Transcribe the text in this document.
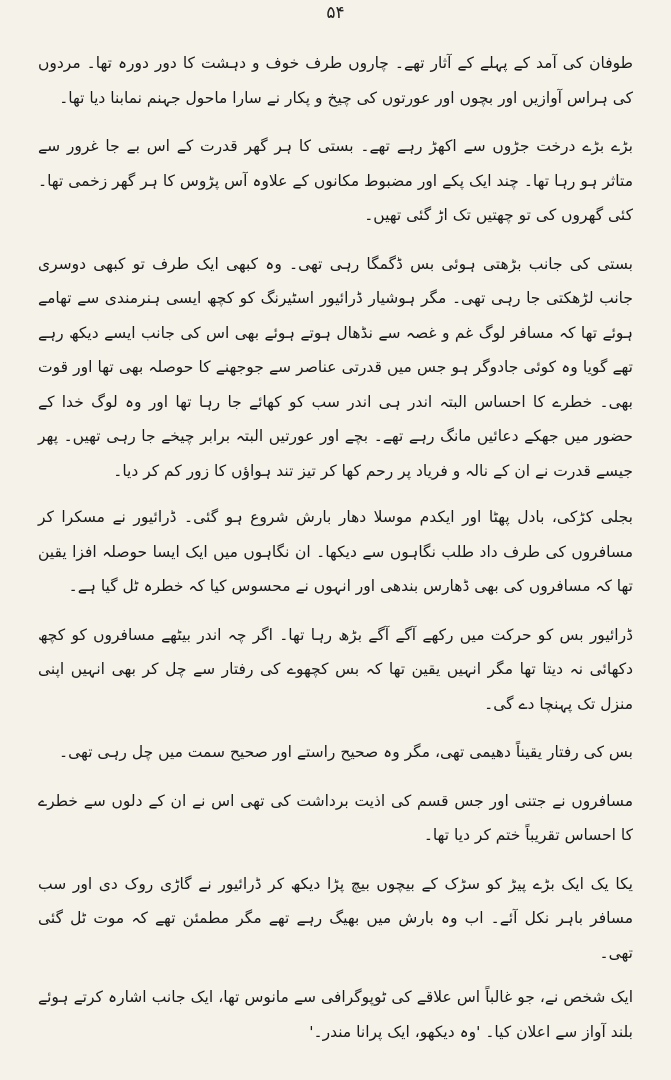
۵۴

طوفان کی آمد کے پہلے کے آثار تھے۔ چاروں طرف خوف و دہشت کا دور دورہ تھا۔ مردوں کی ہراس آوازیں اور بچوں اور عورتوں کی چیخ و پکار نے سارا ماحول جہنم نمابنا دیا تھا۔

بڑے بڑے درخت جڑوں سے اکھڑ رہے تھے۔ بستی کا ہر گھر قدرت کے اس بے جا غرور سے متاثر ہو رہا تھا۔ چند ایک پکے اور مضبوط مکانوں کے علاوہ آس پڑوس کا ہر گھر زخمی تھا۔ کئی گھروں کی تو چھتیں تک اڑ گئی تھیں۔

بستی کی جانب بڑھتی ہوئی بس ڈگمگا رہی تھی۔ وہ کبھی ایک طرف تو کبھی دوسری جانب لڑھکتی جا رہی تھی۔ مگر ہوشیار ڈرائیور اسٹیرنگ کو کچھ ایسی ہنرمندی سے تھامے ہوئے تھا کہ مسافر لوگ غم و غصہ سے نڈھال ہوتے ہوئے بھی اس کی جانب ایسے دیکھ رہے تھے گویا وہ کوئی جادوگر ہو جس میں قدرتی عناصر سے جوجھنے کا حوصلہ بھی تھا اور قوت بھی۔ خطرے کا احساس البتہ اندر ہی اندر سب کو کھائے جا رہا تھا اور وہ لوگ خدا کے حضور میں جھکے دعائیں مانگ رہے تھے۔ بچے اور عورتیں البتہ برابر چیخے جا رہی تھیں۔ پھر جیسے قدرت نے ان کے نالہ و فریاد پر رحم کھا کر تیز تند ہواؤں کا زور کم کر دیا۔

بجلی کڑکی، بادل پھٹا اور ایکدم موسلا دھار بارش شروع ہو گئی۔ ڈرائیور نے مسکرا کر مسافروں کی طرف داد طلب نگاہوں سے دیکھا۔ ان نگاہوں میں ایک ایسا حوصلہ افزا یقین تھا کہ مسافروں کی بھی ڈھارس بندھی اور انہوں نے محسوس کیا کہ خطرہ ٹل گیا ہے۔

ڈرائیور بس کو حرکت میں رکھے آگے آگے بڑھ رہا تھا۔ اگر چہ اندر بیٹھے مسافروں کو کچھ دکھائی نہ دیتا تھا مگر انہیں یقین تھا کہ بس کچھوے کی رفتار سے چل کر بھی انہیں اپنی منزل تک پہنچا دے گی۔

بس کی رفتار یقیناً دھیمی تھی، مگر وہ صحیح راستے اور صحیح سمت میں چل رہی تھی۔

مسافروں نے جتنی اور جس قسم کی اذیت برداشت کی تھی اس نے ان کے دلوں سے خطرے کا احساس تقریباً ختم کر دیا تھا۔

یکا یک ایک بڑے پیڑ کو سڑک کے بیچوں بیچ پڑا دیکھ کر ڈرائیور نے گاڑی روک دی اور سب مسافر باہر نکل آئے۔ اب وہ بارش میں بھیگ رہے تھے مگر مطمئن تھے کہ موت ٹل گئی تھی۔

ایک شخص نے، جو غالباً اس علاقے کی ٹوپوگرافی سے مانوس تھا، ایک جانب اشارہ کرتے ہوئے بلند آواز سے اعلان کیا۔ 'وہ دیکھو، ایک پرانا مندر۔'
